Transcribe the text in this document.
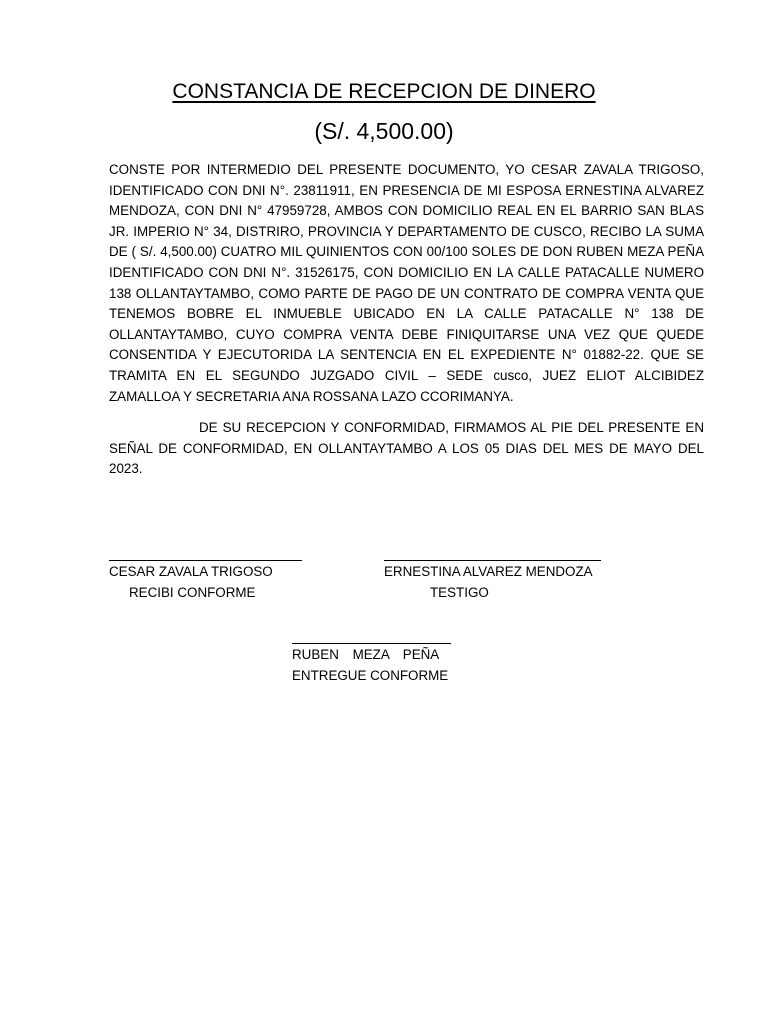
CONSTANCIA DE RECEPCION DE DINERO
(S/. 4,500.00)

CONSTE POR INTERMEDIO DEL PRESENTE DOCUMENTO, YO CESAR ZAVALA TRIGOSO, IDENTIFICADO CON DNI N°. 23811911, EN PRESENCIA DE MI ESPOSA ERNESTINA ALVAREZ MENDOZA, CON DNI N° 47959728, AMBOS CON DOMICILIO REAL EN EL BARRIO SAN BLAS JR. IMPERIO N° 34, DISTRIRO, PROVINCIA Y DEPARTAMENTO DE CUSCO, RECIBO LA SUMA DE ( S/. 4,500.00) CUATRO MIL QUINIENTOS CON 00/100 SOLES DE DON RUBEN MEZA PEÑA IDENTIFICADO CON DNI N°. 31526175, CON DOMICILIO EN LA CALLE PATACALLE NUMERO 138 OLLANTAYTAMBO, COMO PARTE DE PAGO DE UN CONTRATO DE COMPRA VENTA QUE TENEMOS BOBRE EL INMUEBLE UBICADO EN LA CALLE PATACALLE N° 138 DE OLLANTAYTAMBO, CUYO COMPRA VENTA DEBE FINIQUITARSE UNA VEZ QUE QUEDE CONSENTIDA Y EJECUTORIDA LA SENTENCIA EN EL EXPEDIENTE N° 01882-22. QUE SE TRAMITA EN EL SEGUNDO JUZGADO CIVIL – SEDE cusco, JUEZ ELIOT ALCIBIDEZ ZAMALLOA Y SECRETARIA ANA ROSSANA LAZO CCORIMANYA.

DE SU RECEPCION Y CONFORMIDAD, FIRMAMOS AL PIE DEL PRESENTE EN SEÑAL DE CONFORMIDAD, EN OLLANTAYTAMBO A LOS 05 DIAS DEL MES DE MAYO DEL 2023.

CESAR ZAVALA TRIGOSO
RECIBI CONFORME
ERNESTINA ALVAREZ MENDOZA
TESTIGO
RUBEN MEZA PEÑA
ENTREGUE CONFORME
